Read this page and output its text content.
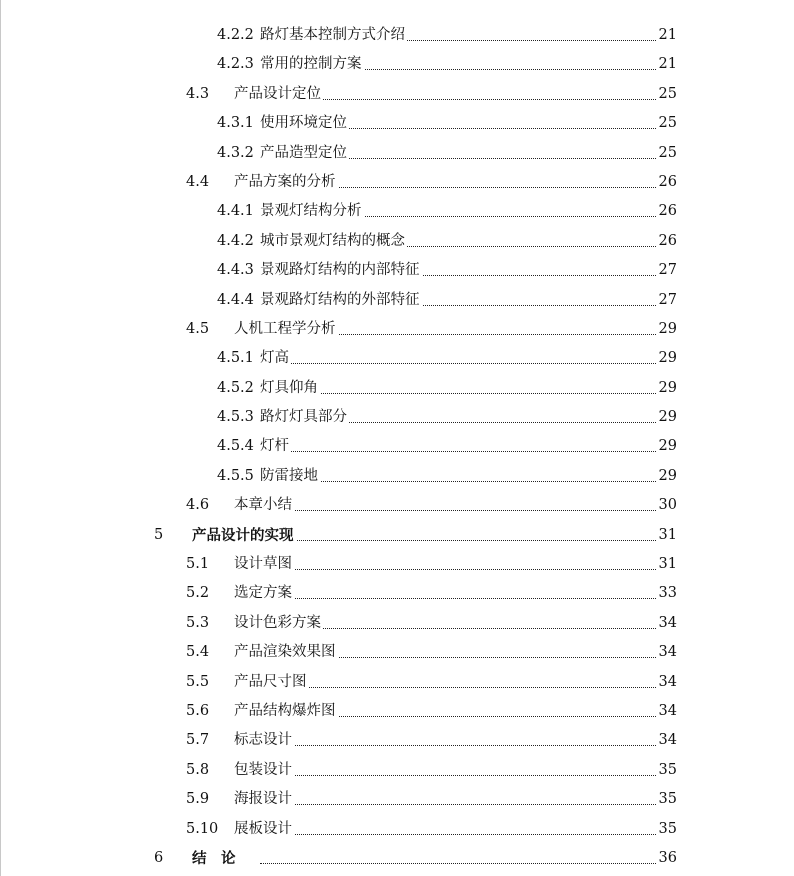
4.2.2 路灯基本控制方式介绍	21
4.2.3 常用的控制方案	21
4.3 产品设计定位	25
4.3.1 使用环境定位	25
4.3.2 产品造型定位	25
4.4 产品方案的分析	26
4.4.1 景观灯结构分析	26
4.4.2 城市景观灯结构的概念	26
4.4.3 景观路灯结构的内部特征	27
4.4.4 景观路灯结构的外部特征	27
4.5 人机工程学分析	29
4.5.1 灯高	29
4.5.2 灯具仰角	29
4.5.3 路灯灯具部分	29
4.5.4 灯杆	29
4.5.5 防雷接地	29
4.6 本章小结	30
5 产品设计的实现	31
5.1 设计草图	31
5.2 选定方案	33
5.3 设计色彩方案	34
5.4 产品渲染效果图	34
5.5 产品尺寸图	34
5.6 产品结构爆炸图	34
5.7 标志设计	34
5.8 包装设计	35
5.9 海报设计	35
5.10 展板设计	35
6 结　论	36
